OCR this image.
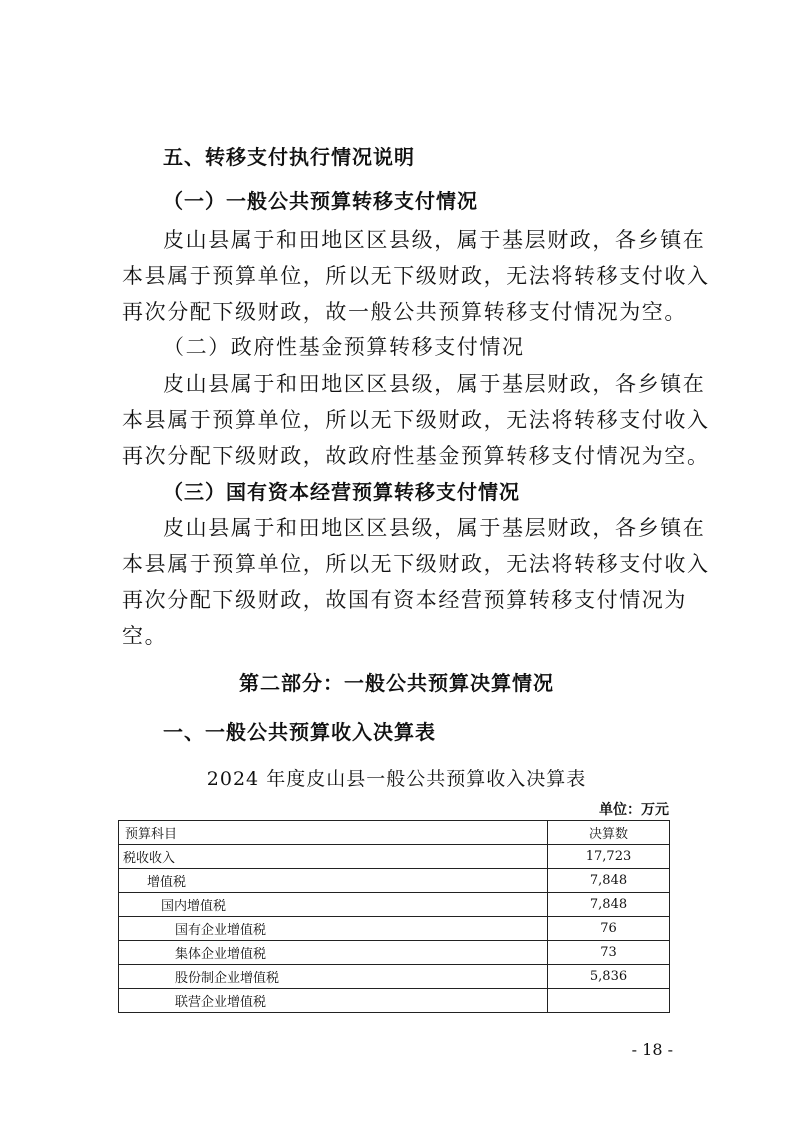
五、转移支付执行情况说明
（一）一般公共预算转移支付情况
皮山县属于和田地区区县级，属于基层财政，各乡镇在
本县属于预算单位，所以无下级财政，无法将转移支付收入
再次分配下级财政，故一般公共预算转移支付情况为空。
（二）政府性基金预算转移支付情况
皮山县属于和田地区区县级，属于基层财政，各乡镇在
本县属于预算单位，所以无下级财政，无法将转移支付收入
再次分配下级财政，故政府性基金预算转移支付情况为空。
（三）国有资本经营预算转移支付情况
皮山县属于和田地区区县级，属于基层财政，各乡镇在
本县属于预算单位，所以无下级财政，无法将转移支付收入
再次分配下级财政，故国有资本经营预算转移支付情况为
空。
第二部分：一般公共预算决算情况
一、一般公共预算收入决算表
2024 年度皮山县一般公共预算收入决算表
单位：万元
预算科目	决算数
税收收入	17,723
增值税	7,848
国内增值税	7,848
国有企业增值税	76
集体企业增值税	73
股份制企业增值税	5,836
联营企业增值税	
- 18 -
